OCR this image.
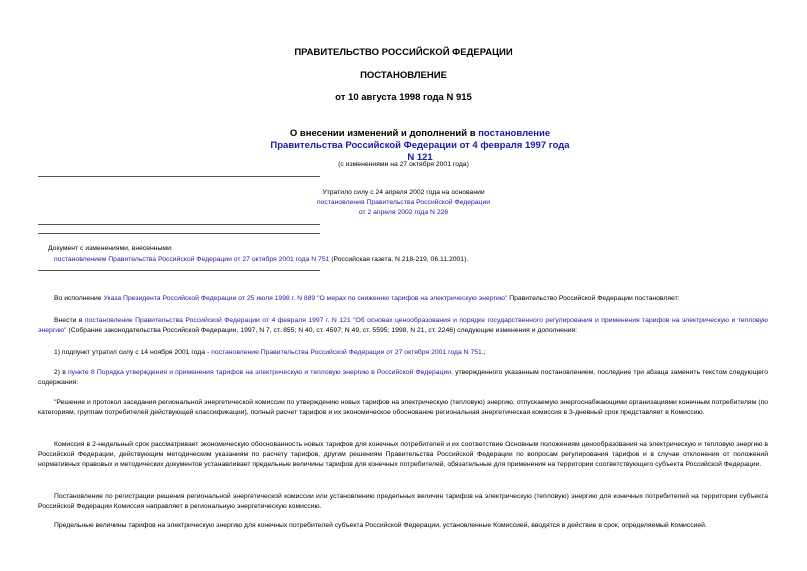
ПРАВИТЕЛЬСТВО РОССИЙСКОЙ ФЕДЕРАЦИИ
ПОСТАНОВЛЕНИЕ
от 10 августа 1998 года N 915
О внесении изменений и дополнений в постановление Правительства Российской Федерации от 4 февраля 1997 года N 121
(с изменениями на 27 октября 2001 года)
Утратило силу с 24 апреля 2002 года на основании
постановления Правительства Российской Федерации
от 2 апреля 2002 года N 226
Документ с изменениями, внесенными:
постановлением Правительства Российской Федерации от 27 октября 2001 года N 751 (Российская газета, N 218-219, 06.11.2001).
Во исполнение Указа Президента Российской Федерации от 25 июля 1998 г. N 889 "О мерах по снижению тарифов на электрическую энергию" Правительство Российской Федерации постановляет:
Внести в постановление Правительства Российской Федерации от 4 февраля 1997 г. N 121 "Об основах ценообразования и порядке государственного регулирования и применения тарифов на электрическую и тепловую энергию" (Собрание законодательства Российской Федерации, 1997, N 7, ст. 855; N 40, ст. 4597; N 49, ст. 5595; 1998, N 21, ст. 2246) следующие изменения и дополнения:
1) подпункт утратил силу с 14 ноября 2001 года - постановление Правительства Российской Федерации от 27 октября 2001 года N 751.;
2) в пункте 8 Порядка утверждения и применения тарифов на электрическую и тепловую энергию в Российской Федерации, утвержденного указанным постановлением, последние три абзаца заменить текстом следующего содержания:
"Решение и протокол заседания региональной энергетической комиссии по утверждению новых тарифов на электрическую (тепловую) энергию, отпускаемую энергоснабжающими организациями конечным потребителям (по категориям, группам потребителей действующей классификации), полный расчет тарифов и их экономическое обоснование региональная энергетическая комиссия в 3-дневный срок представляет в Комиссию.
Комиссия в 2-недельный срок рассматривает экономическую обоснованность новых тарифов для конечных потребителей и их соответствие Основным положениям ценообразования на электрическую и тепловую энергию в Российской Федерации, действующим методическим указаниям по расчету тарифов, другим решениям Правительства Российской Федерации по вопросам регулирования тарифов и в случае отклонения от положений нормативных правовых и методических документов устанавливает предельные величины тарифов для конечных потребителей, обязательные для применения на территории соответствующего субъекта Российской Федерации.
Постановление по регистрации решения региональной энергетической комиссии или установлению предельных величин тарифов на электрическую (тепловую) энергию для конечных потребителей на территории субъекта Российской Федерации Комиссия направляет в региональную энергетическую комиссию.
Предельные величины тарифов на электрическую энергию для конечных потребителей субъекта Российской Федерации, установленные Комиссией, вводятся в действие в срок, определяемый Комиссией.
